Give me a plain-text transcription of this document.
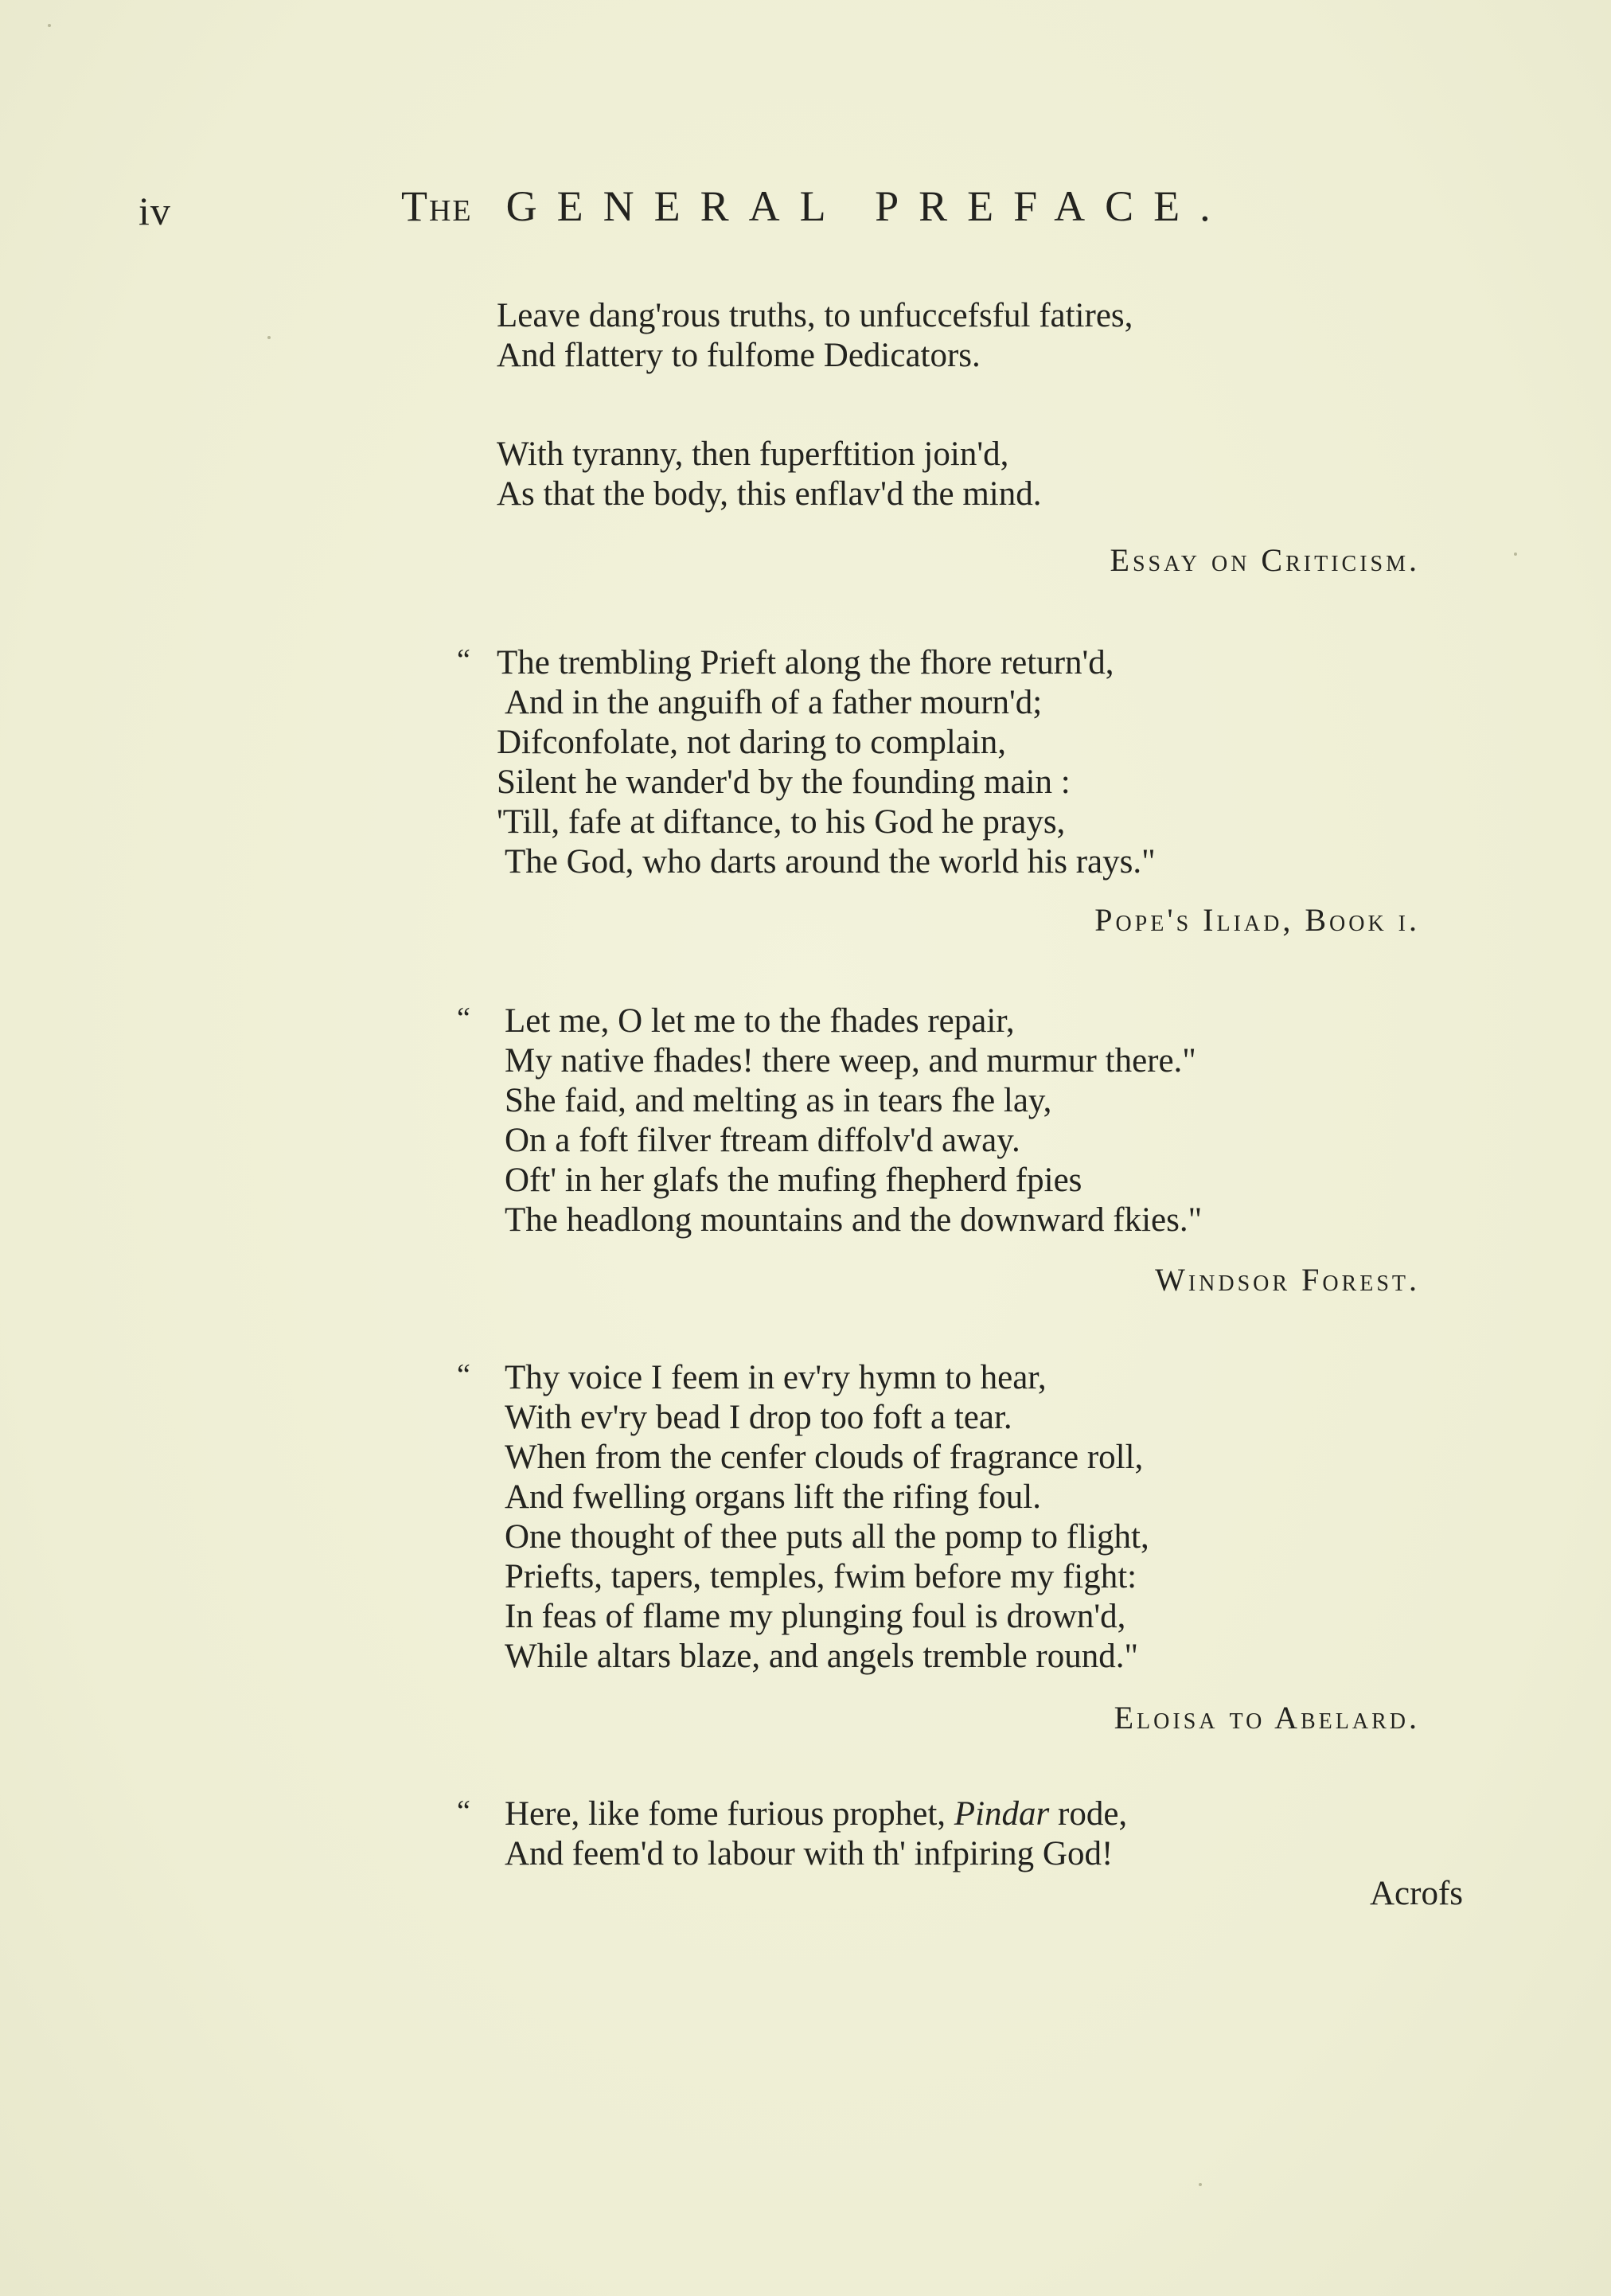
iv	The GENERAL PREFACE.
Leave dang'rous truths, to unfuccefsful fatires,
And flattery to fulfome Dedicators.
With tyranny, then fuperftition join'd,
As that the body, this enflav'd the mind.
Essay on Criticism.
“ The trembling Prieft along the fhore return'd,
And in the anguifh of a father mourn'd;
Difconfolate, not daring to complain,
Silent he wander'd by the founding main :
'Till, fafe at diftance, to his God he prays,
The God, who darts around the world his rays."
Pope's Iliad, Book i.
“ Let me, O let me to the fhades repair,
My native fhades! there weep, and murmur there."
She faid, and melting as in tears fhe lay,
On a foft filver ftream diffolv'd away.
Oft' in her glafs the mufing fhepherd fpies
The headlong mountains and the downward fkies."
Windsor Forest.
“ Thy voice I feem in ev'ry hymn to hear,
With ev'ry bead I drop too foft a tear.
When from the cenfer clouds of fragrance roll,
And fwelling organs lift the rifing foul.
One thought of thee puts all the pomp to flight,
Priefts, tapers, temples, fwim before my fight:
In feas of flame my plunging foul is drown'd,
While altars blaze, and angels tremble round."
Eloisa to Abelard.
“ Here, like fome furious prophet, Pindar rode,
And feem'd to labour with th' infpiring God!
Acrofs
